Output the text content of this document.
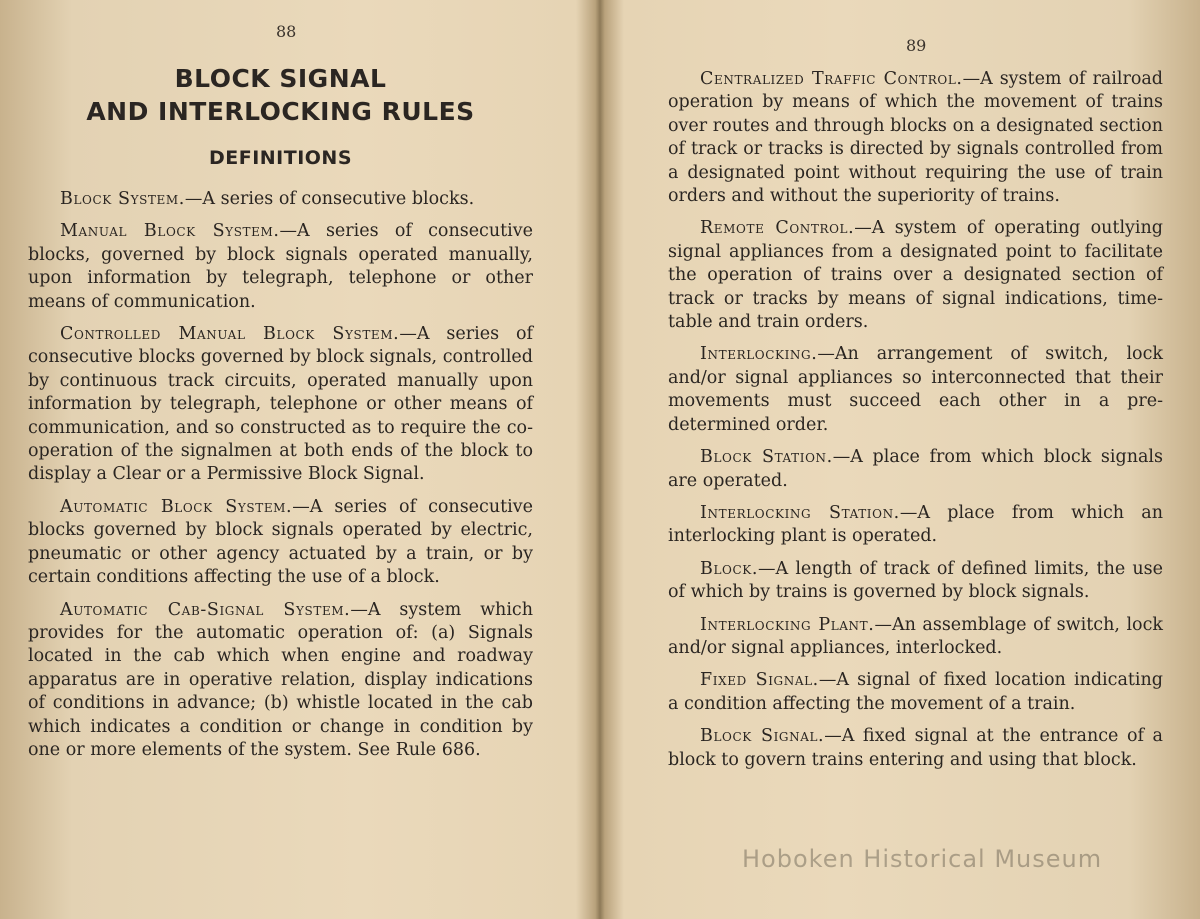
88
BLOCK SIGNAL
AND INTERLOCKING RULES
DEFINITIONS

Block System.—A series of consecutive blocks.

Manual Block System.—A series of consecutive blocks, governed by block signals operated manually, upon information by telegraph, telephone or other means of communication.

Controlled Manual Block System.—A series of consecutive blocks governed by block signals, controlled by continuous track circuits, operated manually upon information by telegraph, telephone or other means of communication, and so constructed as to require the co-operation of the signalmen at both ends of the block to display a Clear or a Permissive Block Signal.

Automatic Block System.—A series of consecutive blocks governed by block signals operated by electric, pneumatic or other agency actuated by a train, or by certain conditions affecting the use of a block.

Automatic Cab-Signal System.—A system which provides for the automatic operation of: (a) Signals located in the cab which when engine and roadway apparatus are in operative relation, display indications of conditions in advance; (b) whistle located in the cab which indicates a condition or change in condition by one or more elements of the system. See Rule 686.

89

Centralized Traffic Control.—A system of railroad operation by means of which the movement of trains over routes and through blocks on a designated section of track or tracks is directed by signals controlled from a designated point without requiring the use of train orders and without the superiority of trains.

Remote Control.—A system of operating outlying signal appliances from a designated point to facilitate the operation of trains over a designated section of track or tracks by means of signal indications, time-table and train orders.

Interlocking.—An arrangement of switch, lock and/or signal appliances so interconnected that their movements must succeed each other in a pre-determined order.

Block Station.—A place from which block signals are operated.

Interlocking Station.—A place from which an interlocking plant is operated.

Block.—A length of track of defined limits, the use of which by trains is governed by block signals.

Interlocking Plant.—An assemblage of switch, lock and/or signal appliances, interlocked.

Fixed Signal.—A signal of fixed location indicating a condition affecting the movement of a train.

Block Signal.—A fixed signal at the entrance of a block to govern trains entering and using that block.

Hoboken Historical Museum
